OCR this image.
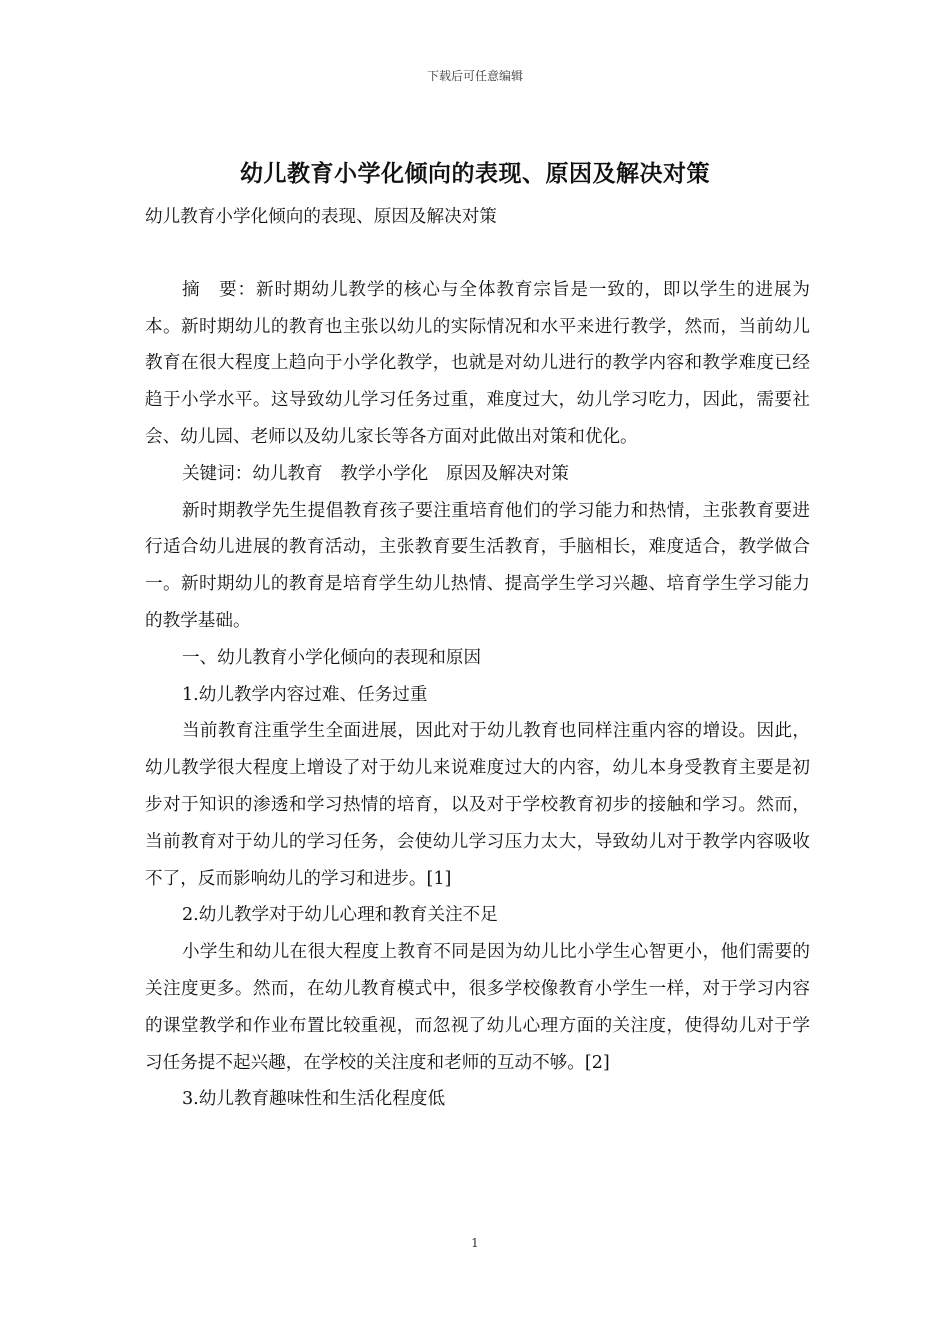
下载后可任意编辑
幼儿教育小学化倾向的表现、原因及解决对策

幼儿教育小学化倾向的表现、原因及解决对策

摘　要：新时期幼儿教学的核心与全体教育宗旨是一致的，即以学生的进展为本。新时期幼儿的教育也主张以幼儿的实际情况和水平来进行教学，然而，当前幼儿教育在很大程度上趋向于小学化教学，也就是对幼儿进行的教学内容和教学难度已经趋于小学水平。这导致幼儿学习任务过重，难度过大，幼儿学习吃力，因此，需要社会、幼儿园、老师以及幼儿家长等各方面对此做出对策和优化。

关键词：幼儿教育　教学小学化　原因及解决对策

新时期教学先生提倡教育孩子要注重培育他们的学习能力和热情，主张教育要进行适合幼儿进展的教育活动，主张教育要生活教育，手脑相长，难度适合，教学做合一。新时期幼儿的教育是培育学生幼儿热情、提高学生学习兴趣、培育学生学习能力的教学基础。

一、幼儿教育小学化倾向的表现和原因

1.幼儿教学内容过难、任务过重

当前教育注重学生全面进展，因此对于幼儿教育也同样注重内容的增设。因此，幼儿教学很大程度上增设了对于幼儿来说难度过大的内容，幼儿本身受教育主要是初步对于知识的渗透和学习热情的培育，以及对于学校教育初步的接触和学习。然而，当前教育对于幼儿的学习任务，会使幼儿学习压力太大，导致幼儿对于教学内容吸收不了，反而影响幼儿的学习和进步。[1]

2.幼儿教学对于幼儿心理和教育关注不足

小学生和幼儿在很大程度上教育不同是因为幼儿比小学生心智更小，他们需要的关注度更多。然而，在幼儿教育模式中，很多学校像教育小学生一样，对于学习内容的课堂教学和作业布置比较重视，而忽视了幼儿心理方面的关注度，使得幼儿对于学习任务提不起兴趣，在学校的关注度和老师的互动不够。[2]

3.幼儿教育趣味性和生活化程度低

1
